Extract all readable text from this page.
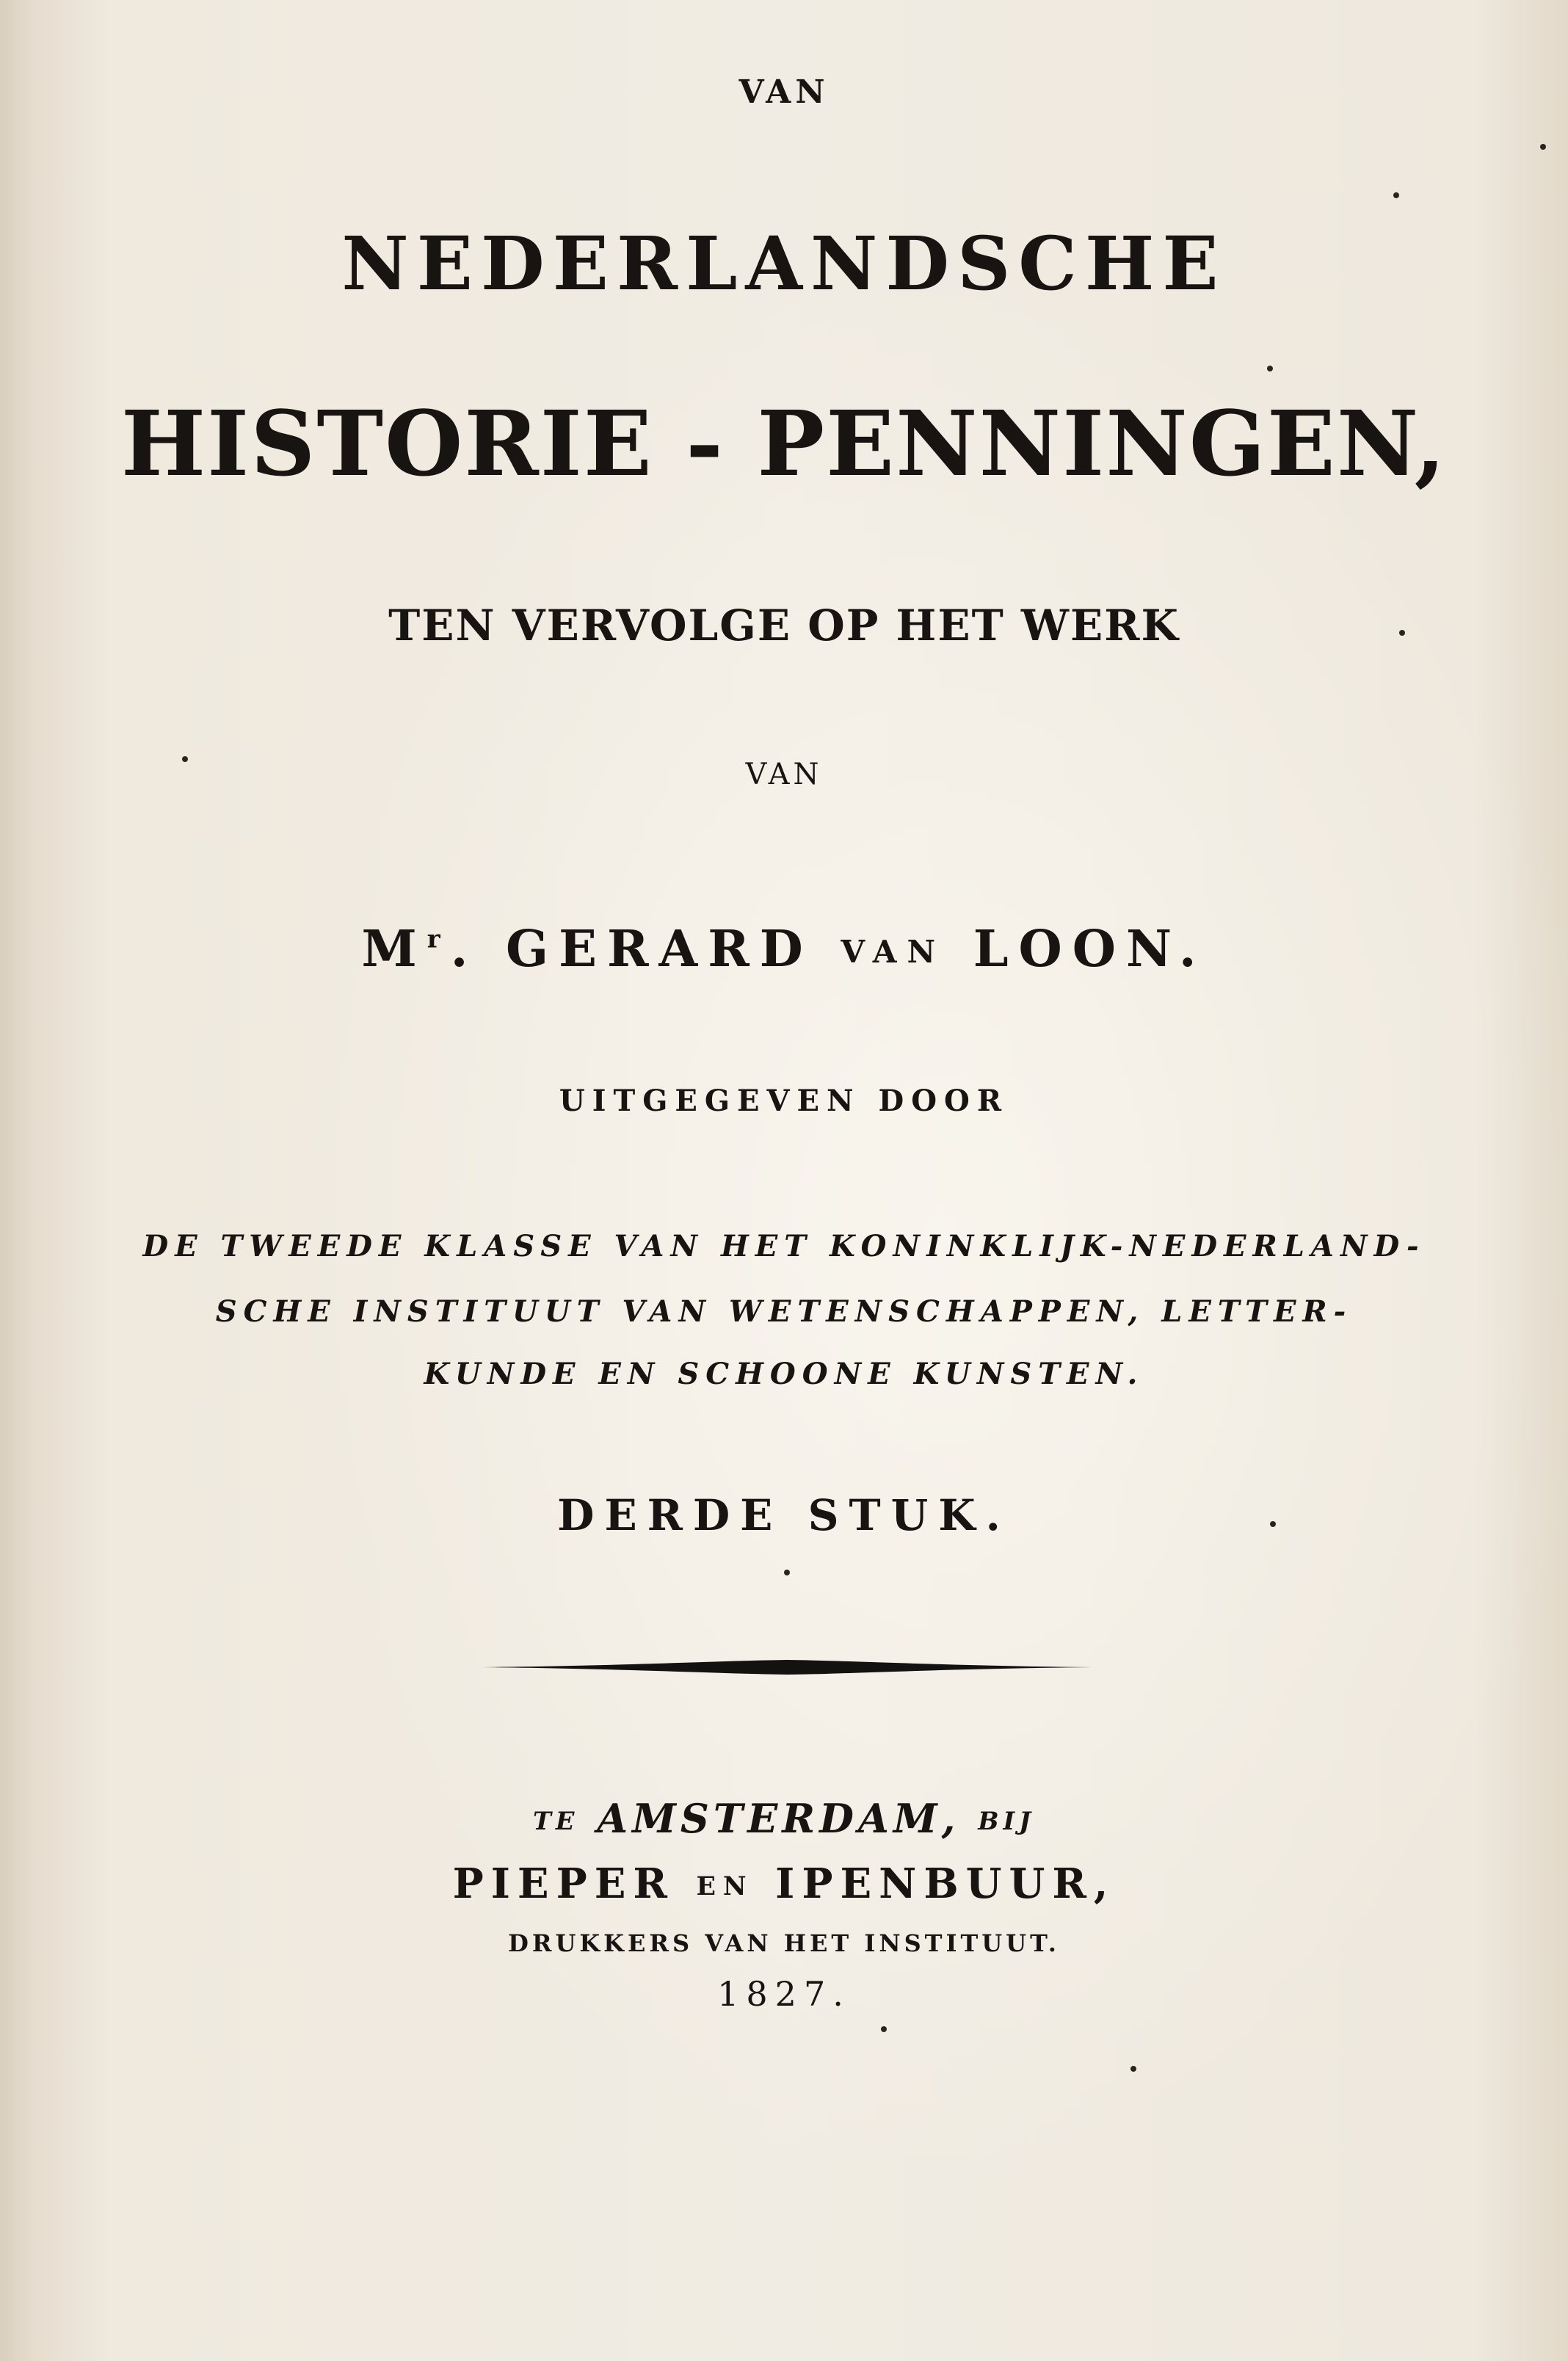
VAN

NEDERLANDSCHE

HISTORIE - PENNINGEN,

TEN VERVOLGE OP HET WERK

VAN

$M^r$. GERARD VAN LOON.

UITGEGEVEN DOOR

DE TWEEDE KLASSE VAN HET KONINKLIJK-NEDERLAND-

SCHE INSTITUUT VAN WETENSCHAPPEN, LETTER-

KUNDE EN SCHOONE KUNSTEN.

DERDE STUK.

TE AMSTERDAM, BIJ

PIEPER EN IPENBUUR,

DRUKKERS VAN HET INSTITUUT.

1827.
